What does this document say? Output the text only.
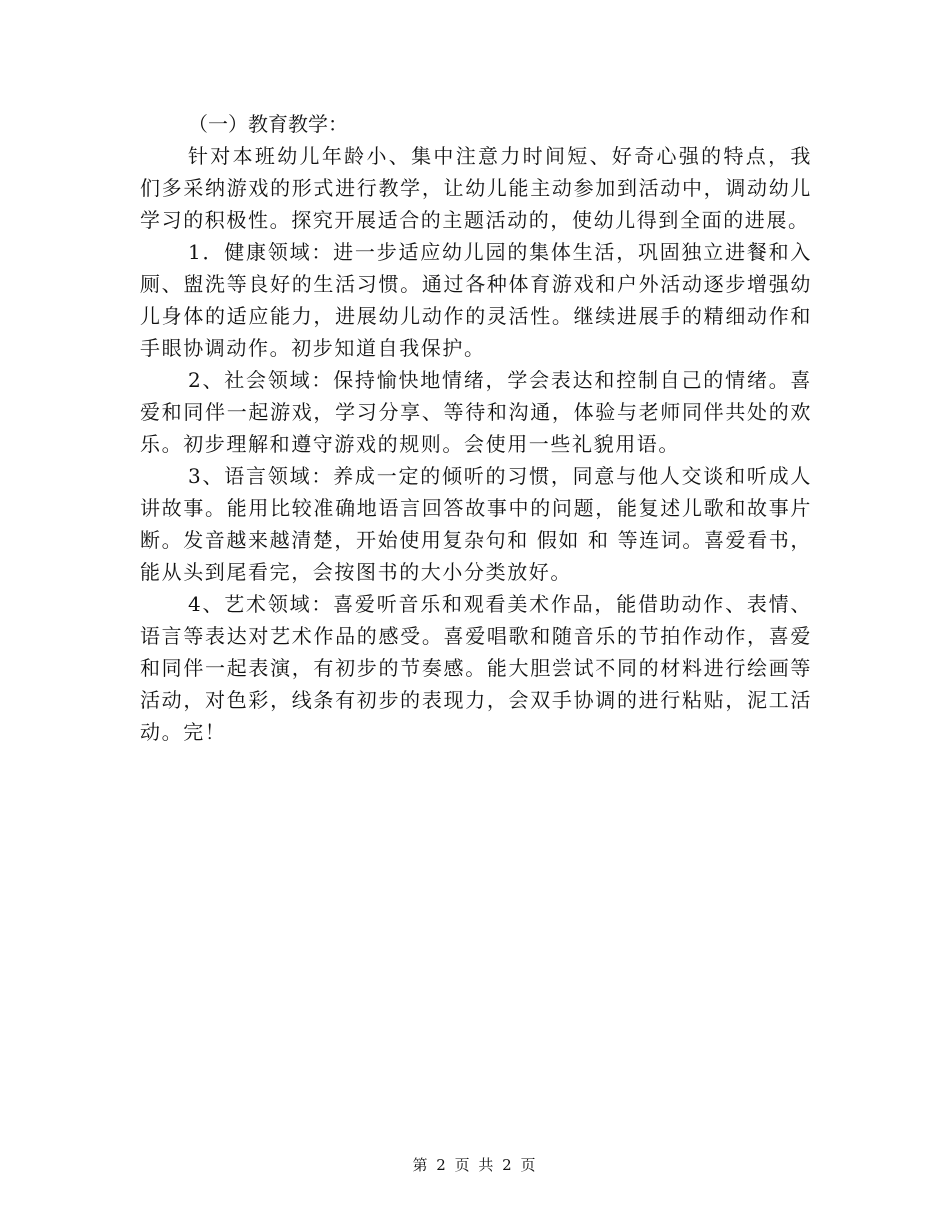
（一）教育教学：

针对本班幼儿年龄小、集中注意力时间短、好奇心强的特点，我们多采纳游戏的形式进行教学，让幼儿能主动参加到活动中，调动幼儿学习的积极性。探究开展适合的主题活动的，使幼儿得到全面的进展。

1．健康领域：进一步适应幼儿园的集体生活，巩固独立进餐和入厕、盥洗等良好的生活习惯。通过各种体育游戏和户外活动逐步增强幼儿身体的适应能力，进展幼儿动作的灵活性。继续进展手的精细动作和手眼协调动作。初步知道自我保护。

2、社会领域：保持愉快地情绪，学会表达和控制自己的情绪。喜爱和同伴一起游戏，学习分享、等待和沟通，体验与老师同伴共处的欢乐。初步理解和遵守游戏的规则。会使用一些礼貌用语。

3、语言领域：养成一定的倾听的习惯，同意与他人交谈和听成人讲故事。能用比较准确地语言回答故事中的问题，能复述儿歌和故事片断。发音越来越清楚，开始使用复杂句和 假如 和 等连词。喜爱看书，能从头到尾看完，会按图书的大小分类放好。

4、艺术领域：喜爱听音乐和观看美术作品，能借助动作、表情、语言等表达对艺术作品的感受。喜爱唱歌和随音乐的节拍作动作，喜爱和同伴一起表演，有初步的节奏感。能大胆尝试不同的材料进行绘画等活动，对色彩，线条有初步的表现力，会双手协调的进行粘贴，泥工活动。完！

第 2 页 共 2 页
